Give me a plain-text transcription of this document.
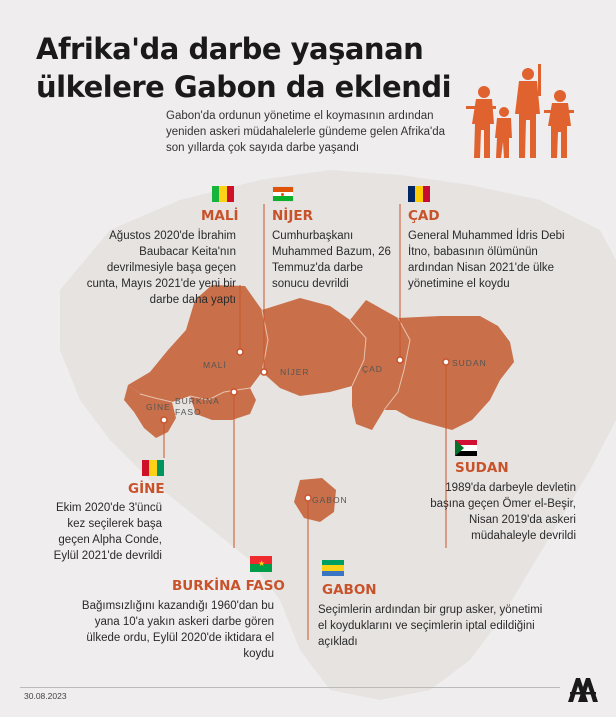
MALİ
NİJER	ÇAD
SUDAN
GİNE
BURKİNA
FASO
GABON
Afrika'da darbe yaşanan ülkelere Gabon da eklendi
Gabon'da ordunun yönetime el koymasının ardından yeniden askeri müdahalelerle gündeme gelen Afrika'da son yıllarda çok sayıda darbe yaşandı
MALİ
Ağustos 2020'de İbrahim Baubacar Keita'nın devrilmesiyle başa geçen cunta, Mayıs 2021'de yeni bir darbe daha yaptı
NİJER
Cumhurbaşkanı Muhammed Bazum, 26 Temmuz'da darbe sonucu devrildi
ÇAD
General Muhammed İdris Debi İtno, babasının ölümünün ardından Nisan 2021'de ülke yönetimine el koydu
GİNE
Ekim 2020'de 3'üncü kez seçilerek başa geçen Alpha Conde, Eylül 2021'de devrildi
SUDAN
1989'da darbeyle devletin başına geçen Ömer el-Beşir, Nisan 2019'da askeri müdahaleyle devrildi
★
BURKİNA FASO
Bağımsızlığını kazandığı 1960'dan bu yana 10'a yakın askeri darbe gören ülkede ordu, Eylül 2020'de iktidara el koydu
GABON
Seçimlerin ardından bir grup asker, yönetimi el koyduklarını ve seçimlerin iptal edildiğini açıkladı
30.08.2023
